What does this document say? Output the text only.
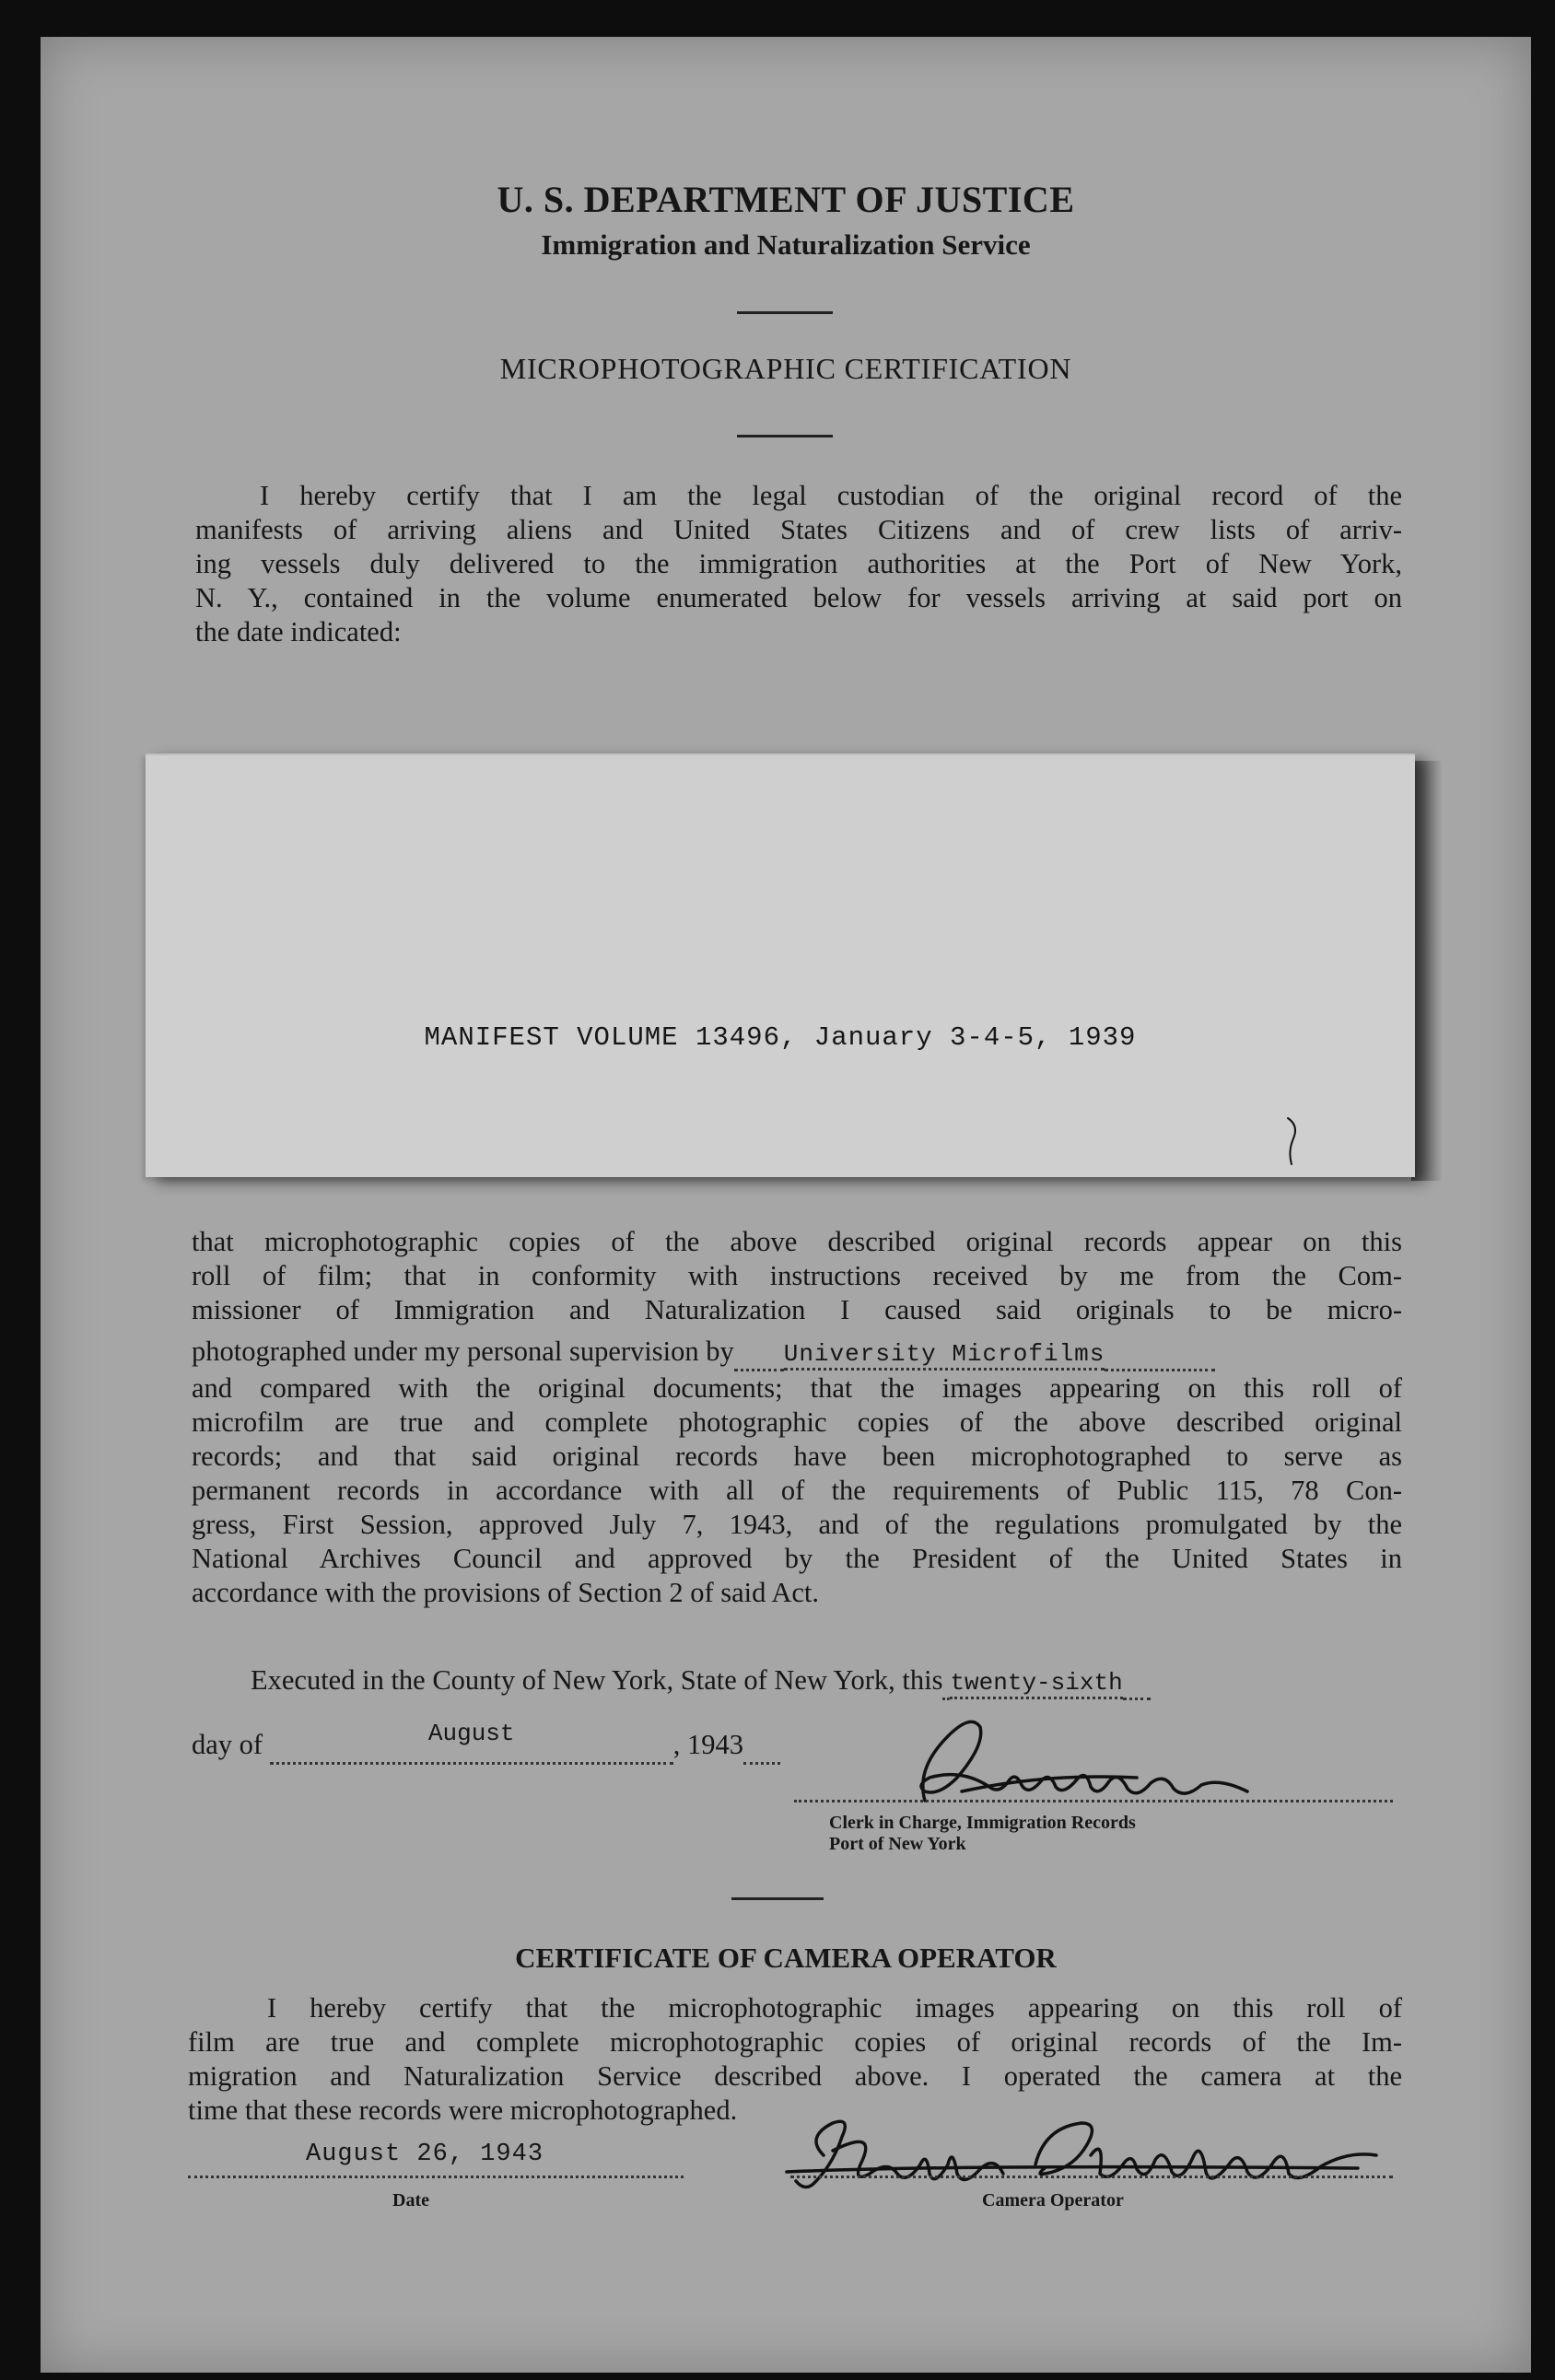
U. S. DEPARTMENT OF JUSTICE
Immigration and Naturalization Service
MICROPHOTOGRAPHIC CERTIFICATION
I hereby certify that I am the legal custodian of the original record of the
manifests of arriving aliens and United States Citizens and of crew lists of arriv-
ing vessels duly delivered to the immigration authorities at the Port of New York,
N. Y., contained in the volume enumerated below for vessels arriving at said port on
the date indicated:
MANIFEST VOLUME 13496, January 3-4-5, 1939
that microphotographic copies of the above described original records appear on this
roll of film; that in conformity with instructions received by me from the Com-
missioner of Immigration and Naturalization I caused said originals to be micro-
photographed under my personal supervision by University Microfilms
and compared with the original documents; that the images appearing on this roll of
microfilm are true and complete photographic copies of the above described original
records; and that said original records have been microphotographed to serve as
permanent records in accordance with all of the requirements of Public 115, 78 Con-
gress, First Session, approved July 7, 1943, and of the regulations promulgated by the
National Archives Council and approved by the President of the United States in
accordance with the provisions of Section 2 of said Act.
Executed in the County of New York, State of New York, this twenty-sixth
day of	August	, 1943
Clerk in Charge, Immigration Records
Port of New York
CERTIFICATE OF CAMERA OPERATOR
I hereby certify that the microphotographic images appearing on this roll of
film are true and complete microphotographic copies of original records of the Im-
migration and Naturalization Service described above. I operated the camera at the
time that these records were microphotographed.
August 26, 1943
Date	Camera Operator
